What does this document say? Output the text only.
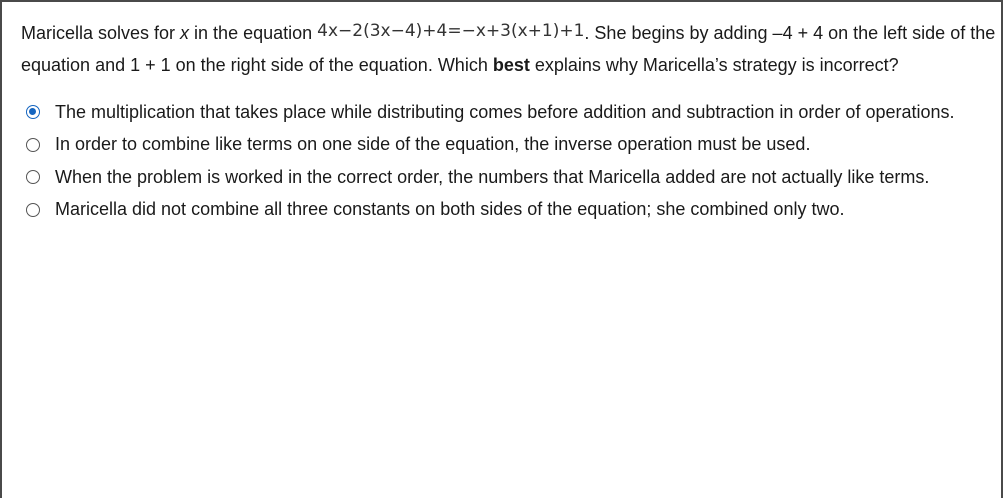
Maricella solves for x in the equation 4x−2(3x−4)+4=−x+3(x+1)+1. She begins by adding –4 + 4 on the left side of the equation and 1 + 1 on the right side of the equation. Which best explains why Maricella’s strategy is incorrect?
The multiplication that takes place while distributing comes before addition and subtraction in order of operations.
In order to combine like terms on one side of the equation, the inverse operation must be used.
When the problem is worked in the correct order, the numbers that Maricella added are not actually like terms.
Maricella did not combine all three constants on both sides of the equation; she combined only two.
